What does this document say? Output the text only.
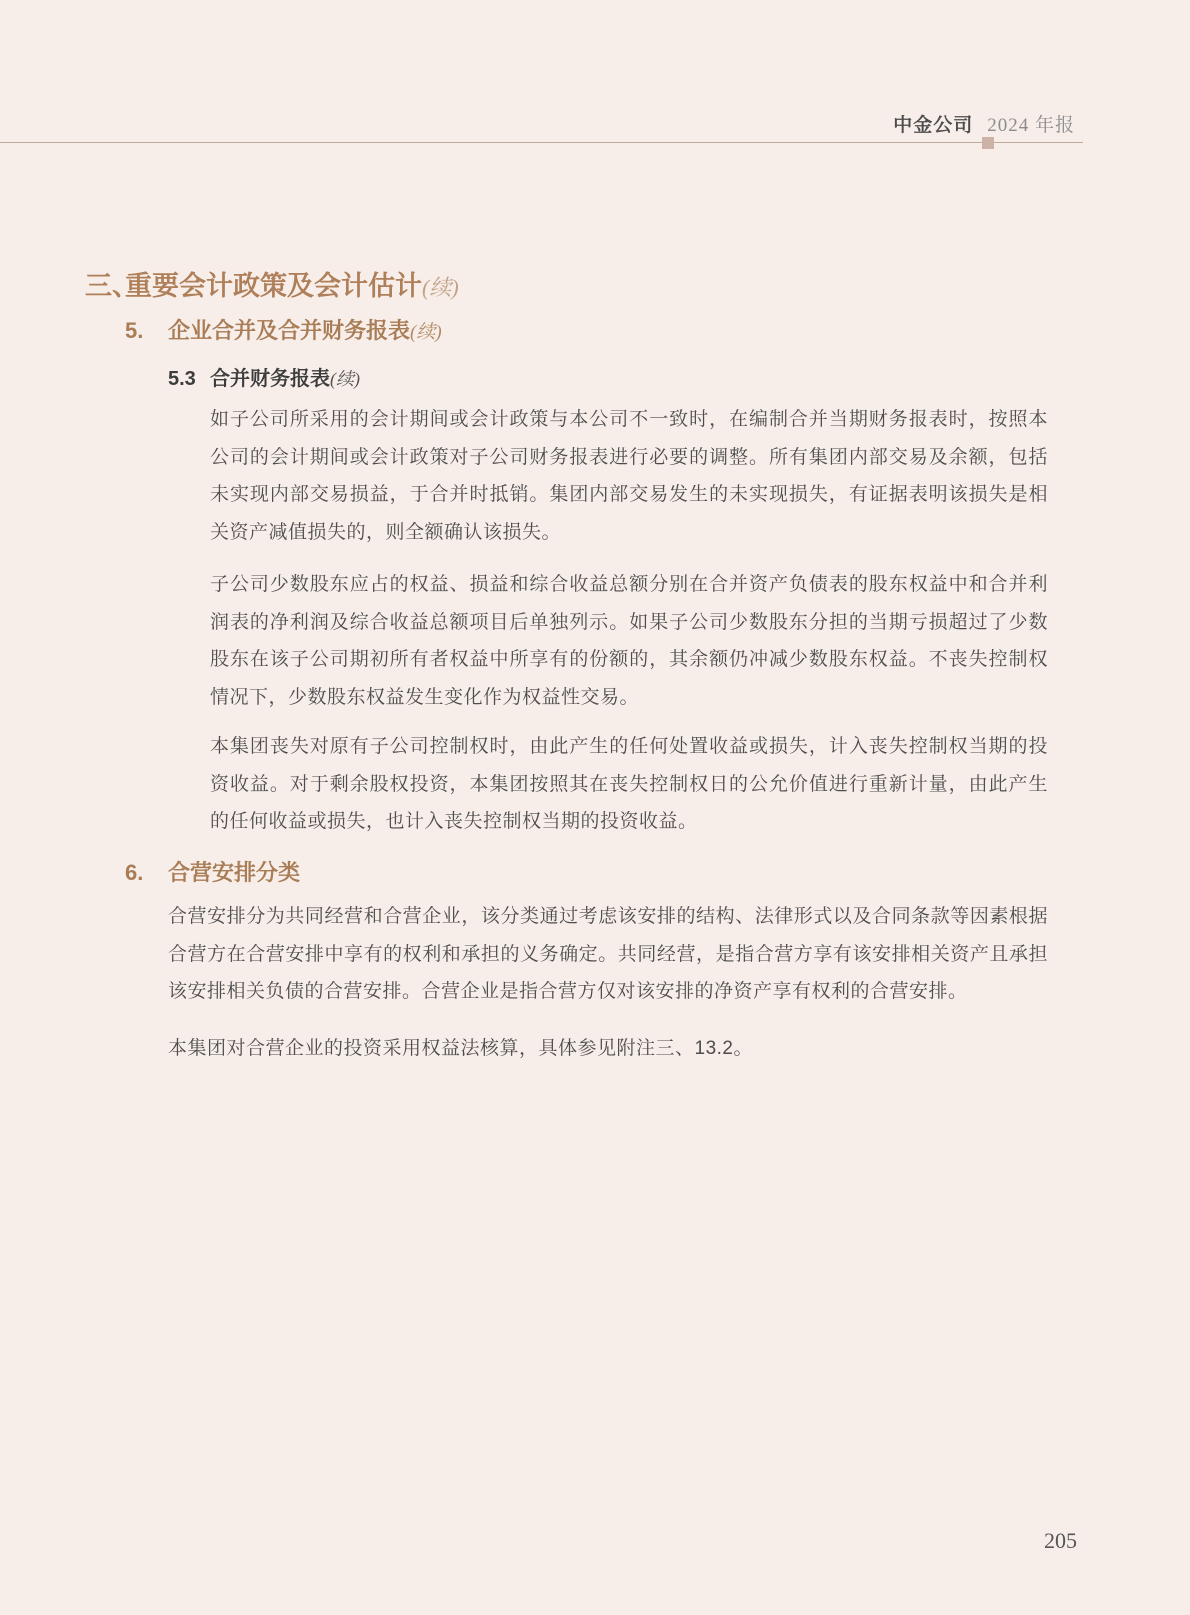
中金公司 2024 年报
三、重要会计政策及会计估计(续)
5. 企业合并及合并财务报表(续)
5.3 合并财务报表(续)

如子公司所采用的会计期间或会计政策与本公司不一致时，在编制合并当期财务报表时，按照本公司的会计期间或会计政策对子公司财务报表进行必要的调整。所有集团内部交易及余额，包括未实现内部交易损益，于合并时抵销。集团内部交易发生的未实现损失，有证据表明该损失是相关资产减值损失的，则全额确认该损失。

子公司少数股东应占的权益、损益和综合收益总额分别在合并资产负债表的股东权益中和合并利润表的净利润及综合收益总额项目后单独列示。如果子公司少数股东分担的当期亏损超过了少数股东在该子公司期初所有者权益中所享有的份额的，其余额仍冲减少数股东权益。不丧失控制权情况下，少数股东权益发生变化作为权益性交易。

本集团丧失对原有子公司控制权时，由此产生的任何处置收益或损失，计入丧失控制权当期的投资收益。对于剩余股权投资，本集团按照其在丧失控制权日的公允价值进行重新计量，由此产生的任何收益或损失，也计入丧失控制权当期的投资收益。

6. 合营安排分类

合营安排分为共同经营和合营企业，该分类通过考虑该安排的结构、法律形式以及合同条款等因素根据合营方在合营安排中享有的权利和承担的义务确定。共同经营，是指合营方享有该安排相关资产且承担该安排相关负债的合营安排。合营企业是指合营方仅对该安排的净资产享有权利的合营安排。

本集团对合营企业的投资采用权益法核算，具体参见附注三、13.2。

205
